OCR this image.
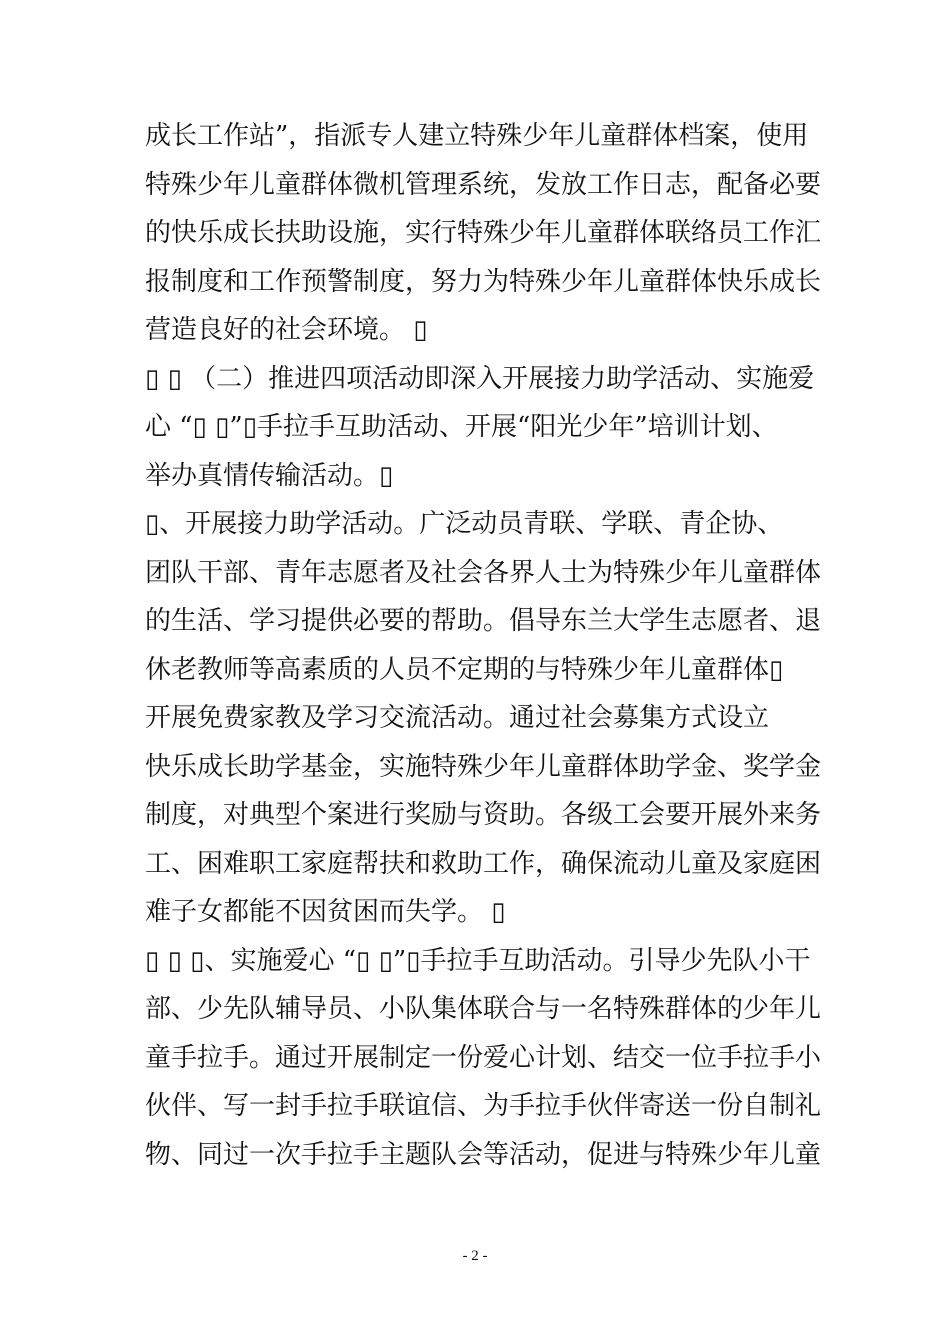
成长工作站”，指派专人建立特殊少年儿童群体档案，使用
特殊少年儿童群体微机管理系统，发放工作日志，配备必要
的快乐成长扶助设施，实行特殊少年儿童群体联络员工作汇
报制度和工作预警制度，努力为特殊少年儿童群体快乐成长
营造良好的社会环境。 ▯
▯ ▯ （二）推进四项活动即深入开展接力助学活动、实施爱
心 “▯ ▯”▯手拉手互助活动、开展“阳光少年”培训计划、
举办真情传输活动。▯
▯、开展接力助学活动。广泛动员青联、学联、青企协、
团队干部、青年志愿者及社会各界人士为特殊少年儿童群体
的生活、学习提供必要的帮助。倡导东兰大学生志愿者、退
休老教师等高素质的人员不定期的与特殊少年儿童群体▯
开展免费家教及学习交流活动。通过社会募集方式设立
快乐成长助学基金，实施特殊少年儿童群体助学金、奖学金
制度，对典型个案进行奖励与资助。各级工会要开展外来务
工、困难职工家庭帮扶和救助工作，确保流动儿童及家庭困
难子女都能不因贫困而失学。 ▯
▯ ▯ ▯、实施爱心 “▯ ▯”▯手拉手互助活动。引导少先队小干
部、少先队辅导员、小队集体联合与一名特殊群体的少年儿
童手拉手。通过开展制定一份爱心计划、结交一位手拉手小
伙伴、写一封手拉手联谊信、为手拉手伙伴寄送一份自制礼
物、同过一次手拉手主题队会等活动，促进与特殊少年儿童
- 2 -
